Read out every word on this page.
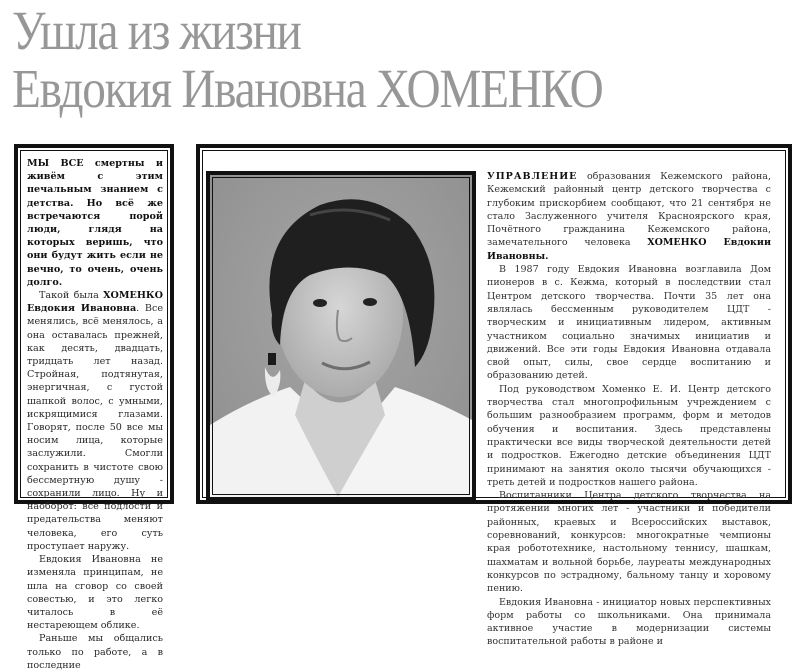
Ушла из жизни
Евдокия Ивановна ХОМЕНКО

МЫ ВСЕ смертны и живём с этим печальным знанием с детства. Но всё же встречаются порой люди, глядя на которых веришь, что они будут жить если не вечно, то очень, очень долго.

Такой была ХОМЕНКО Евдокия Ивановна. Все менялись, всё менялось, а она оставалась прежней, как десять, двадцать, тридцать лет назад. Стройная, подтянутая, энергичная, с густой шапкой волос, с умными, искрящимися глазами. Говорят, после 50 все мы носим лица, которые заслужили. Смогли сохранить в чистоте свою бессмертную душу - сохранили лицо. Ну и наоборот: все подлости и предательства меняют человека, его суть проступает наружу.

Евдокия Ивановна не изменяла принципам, не шла на сговор со своей совестью, и это легко читалось в её нестареющем облике.

Раньше мы общались только по работе, а в последние

УПРАВЛЕНИЕ образования Кежемского района, Кежемский районный центр детского творчества с глубоким прискорбием сообщают, что 21 сентября не стало Заслуженного учителя Красноярского края, Почётного гражданина Кежемского района, замечательного человека ХОМЕНКО Евдокии Ивановны.

В 1987 году Евдокия Ивановна возглавила Дом пионеров в с. Кежма, который в последствии стал Центром детского творчества. Почти 35 лет она являлась бессменным руководителем ЦДТ - творческим и инициативным лидером, активным участником социально значимых инициатив и движений. Все эти годы Евдокия Ивановна отдавала свой опыт, силы, свое сердце воспитанию и образованию детей.

Под руководством Хоменко Е. И. Центр детского творчества стал многопрофильным учреждением с большим разнообразием программ, форм и методов обучения и воспитания. Здесь представлены практически все виды творческой деятельности детей и подростков. Ежегодно детские объединения ЦДТ принимают на занятия около тысячи обучающихся - треть детей и подростков нашего района.

Воспитанники Центра детского творчества на протяжении многих лет - участники и победители районных, краевых и Всероссийских выставок, соревнований, конкурсов: многократные чемпионы края робототехнике, настольному теннису, шашкам, шахматам и вольной борьбе, лауреаты международных конкурсов по эстрадному, бальному танцу и хоровому пению.

Евдокия Ивановна - инициатор новых перспективных форм работы со школьниками. Она принимала активное участие в модернизации системы воспитательной работы в районе и
